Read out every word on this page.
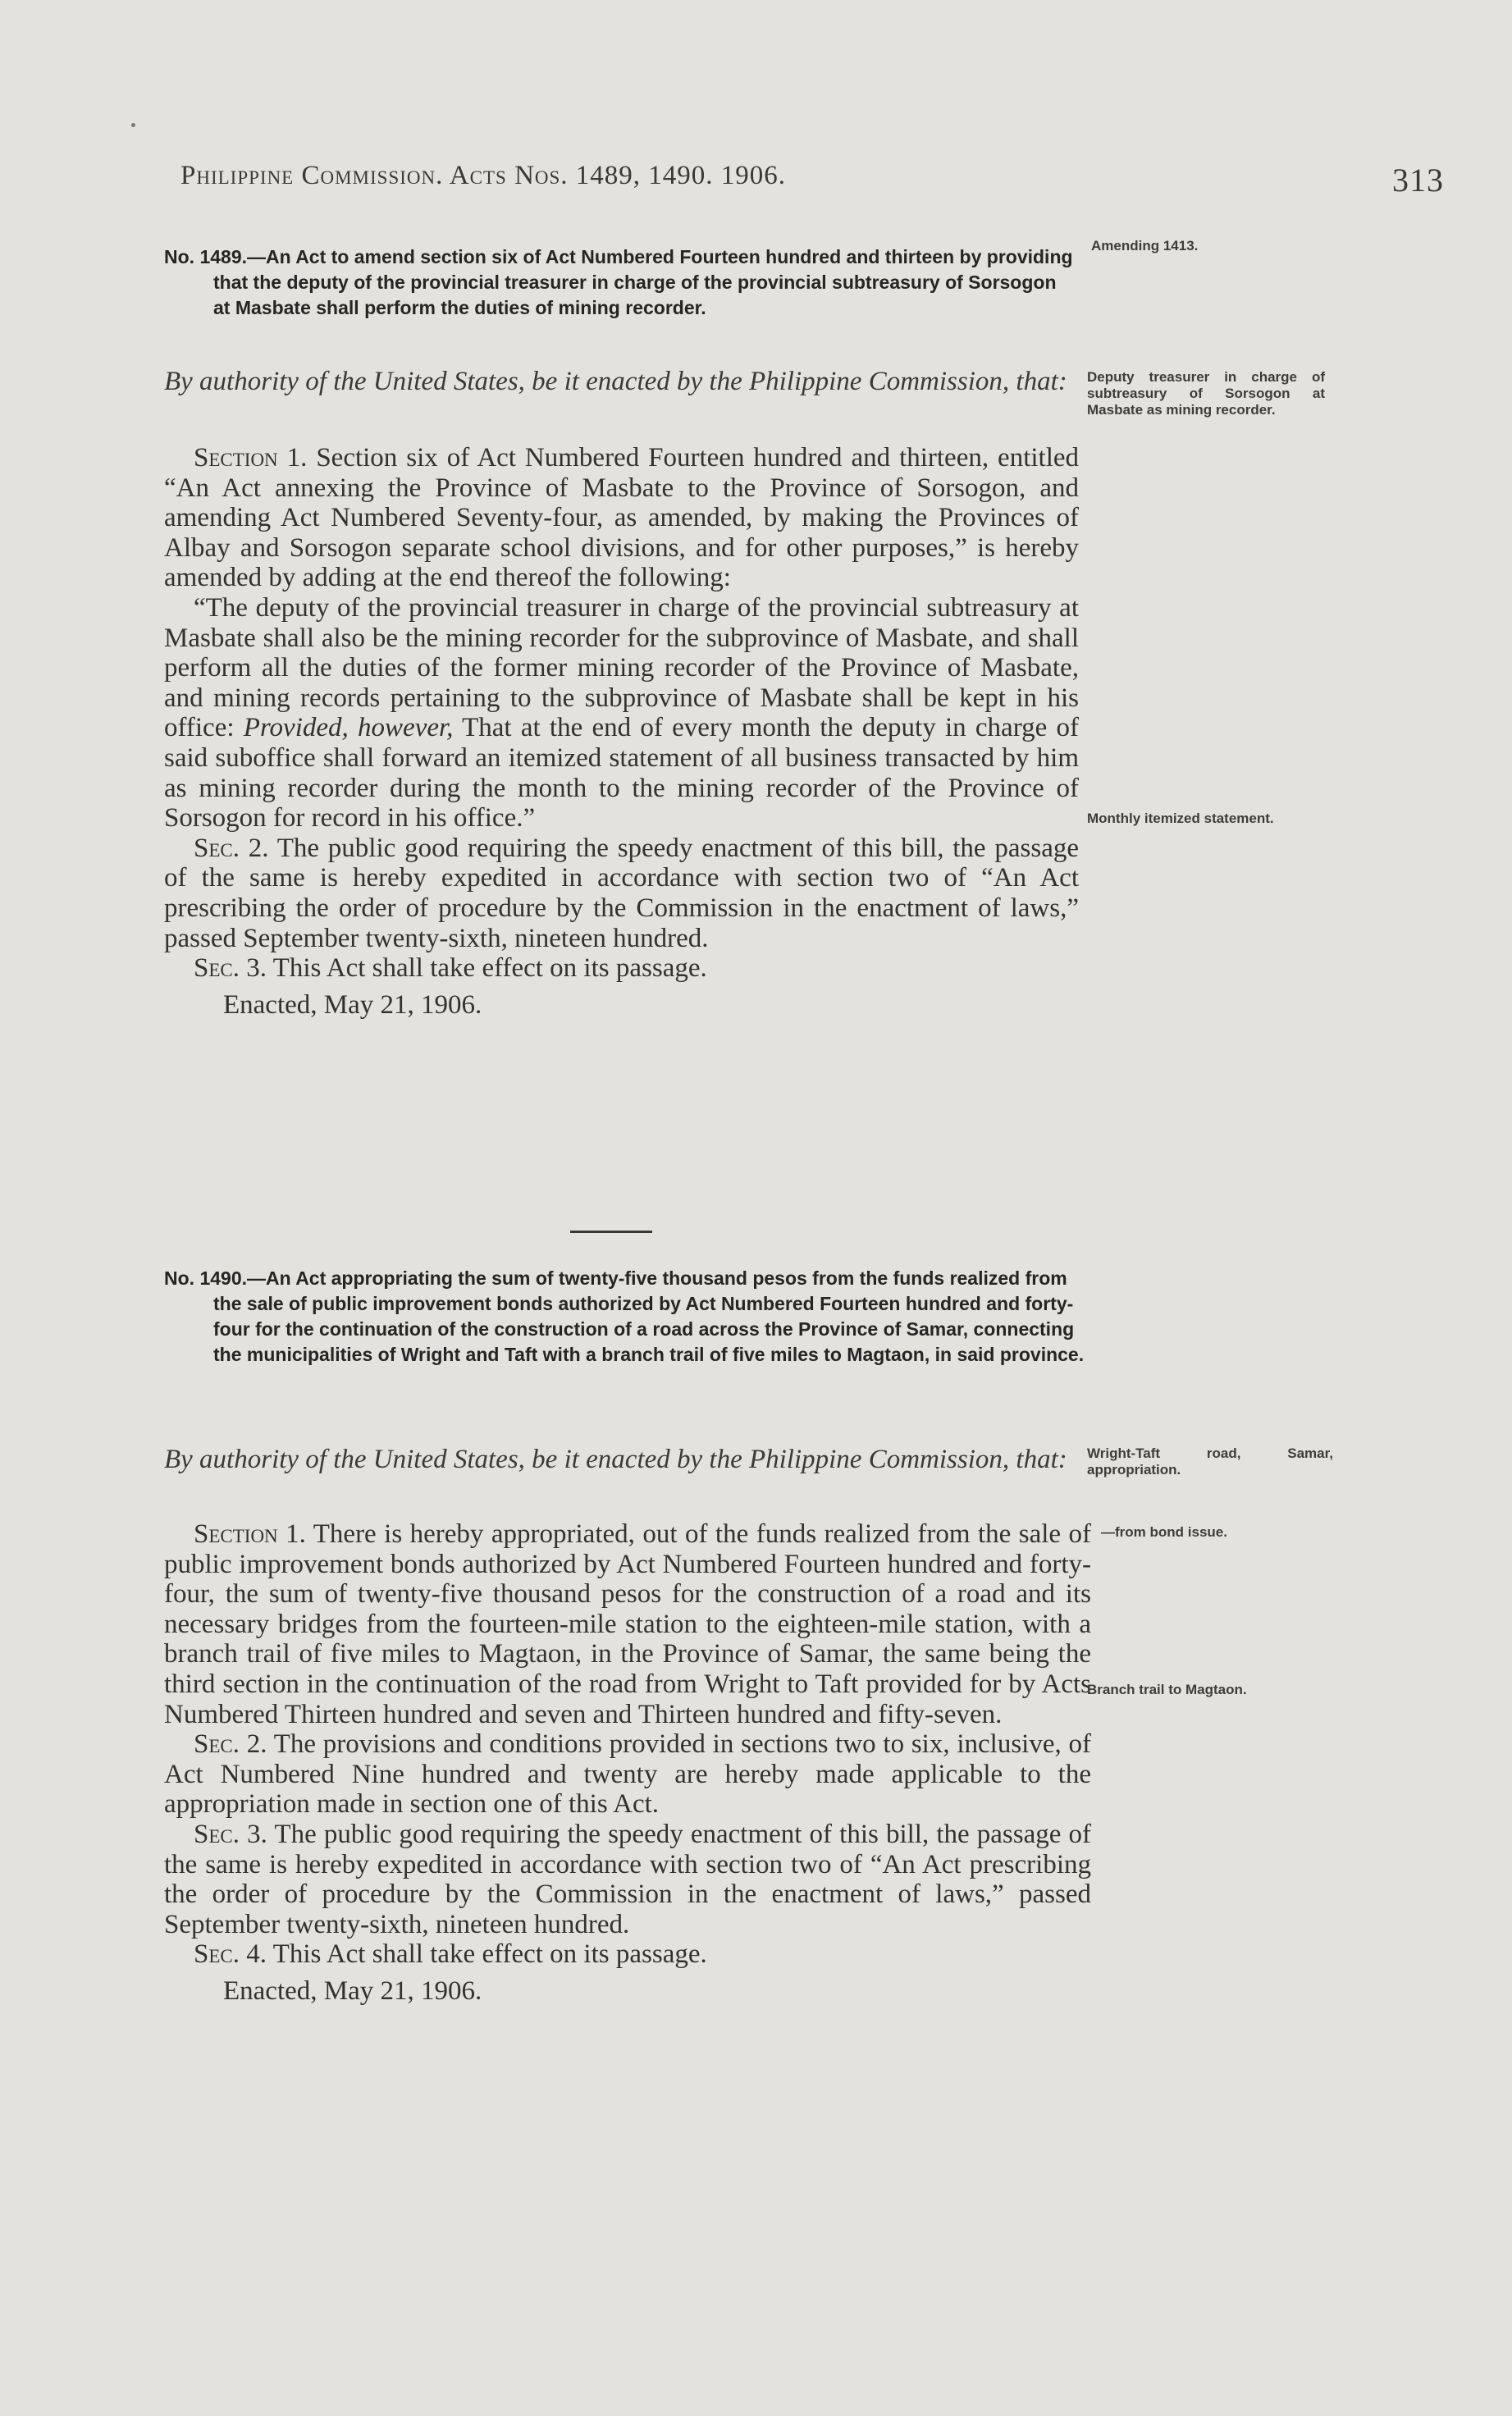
Philippine Commission. Acts Nos. 1489, 1490. 1906.	313

No. 1489.—An Act to amend section six of Act Numbered Fourteen hundred and thirteen by providing that the deputy of the provincial treasurer in charge of the provincial subtreasury of Sorsogon at Masbate shall perform the duties of mining recorder.

By authority of the United States, be it enacted by the Philippine Commission, that:

Section 1. Section six of Act Numbered Fourteen hundred and thirteen, entitled “An Act annexing the Province of Masbate to the Province of Sorsogon, and amending Act Numbered Seventy-four, as amended, by making the Provinces of Albay and Sorsogon separate school divisions, and for other purposes,” is hereby amended by adding at the end thereof the following:

“The deputy of the provincial treasurer in charge of the provincial subtreasury at Masbate shall also be the mining recorder for the subprovince of Masbate, and shall perform all the duties of the former mining recorder of the Province of Masbate, and mining records pertaining to the subprovince of Masbate shall be kept in his office: Provided, however, That at the end of every month the deputy in charge of said suboffice shall forward an itemized statement of all business transacted by him as mining recorder during the month to the mining recorder of the Province of Sorsogon for record in his office.”

Sec. 2. The public good requiring the speedy enactment of this bill, the passage of the same is hereby expedited in accordance with section two of “An Act prescribing the order of procedure by the Commission in the enactment of laws,” passed September twenty-sixth, nineteen hundred.

Sec. 3. This Act shall take effect on its passage.

Enacted, May 21, 1906.

Amending 1413.
Deputy treasurer in charge of subtreasury of Sorsogon at Masbate as mining recorder.
Monthly itemized statement.

No. 1490.—An Act appropriating the sum of twenty-five thousand pesos from the funds realized from the sale of public improvement bonds authorized by Act Numbered Fourteen hundred and forty-four for the continuation of the construction of a road across the Province of Samar, connecting the municipalities of Wright and Taft with a branch trail of five miles to Magtaon, in said province.

By authority of the United States, be it enacted by the Philippine Commission, that:

Section 1. There is hereby appropriated, out of the funds realized from the sale of public improvement bonds authorized by Act Numbered Fourteen hundred and forty-four, the sum of twenty-five thousand pesos for the construction of a road and its necessary bridges from the fourteen-mile station to the eighteen-mile station, with a branch trail of five miles to Magtaon, in the Province of Samar, the same being the third section in the continuation of the road from Wright to Taft provided for by Acts Numbered Thirteen hundred and seven and Thirteen hundred and fifty-seven.

Sec. 2. The provisions and conditions provided in sections two to six, inclusive, of Act Numbered Nine hundred and twenty are hereby made applicable to the appropriation made in section one of this Act.

Sec. 3. The public good requiring the speedy enactment of this bill, the passage of the same is hereby expedited in accordance with section two of “An Act prescribing the order of procedure by the Commission in the enactment of laws,” passed September twenty-sixth, nineteen hundred.

Sec. 4. This Act shall take effect on its passage.

Enacted, May 21, 1906.

Wright-Taft road, Samar, appropriation.
—from bond issue.
Branch trail to Magtaon.
